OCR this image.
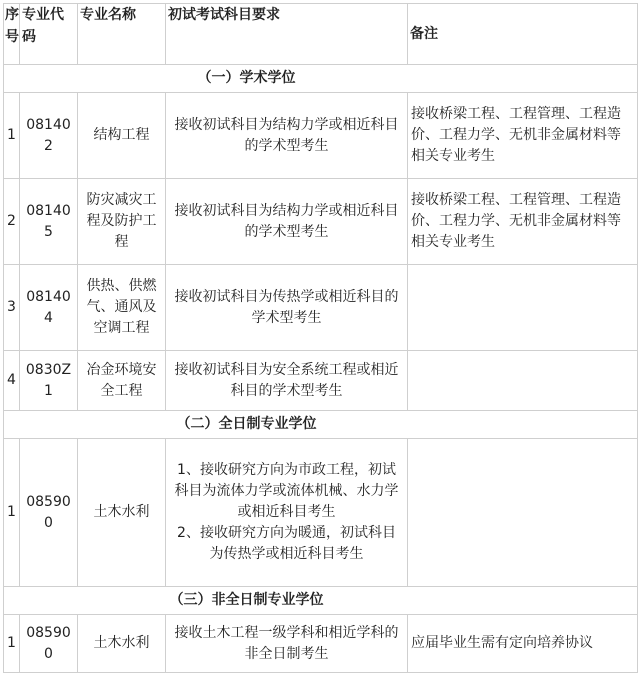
序号	专业代码	专业名称	初试考试科目要求	备注
（一）学术学位				
1	081402	结构工程	接收初试科目为结构力学或相近科目的学术型考生	接收桥梁工程、工程管理、工程造价、工程力学、无机非金属材料等相关专业考生
2	081405	防灾减灾工程及防护工程	接收初试科目为结构力学或相近科目的学术型考生	接收桥梁工程、工程管理、工程造价、工程力学、无机非金属材料等相关专业考生
3	081404	供热、供燃气、通风及空调工程	接收初试科目为传热学或相近科目的学术型考生	
4	0830Z1	冶金环境安全工程	接收初试科目为安全系统工程或相近科目的学术型考生	
（二）全日制专业学位				
1	085900	土木水利	1、接收研究方向为市政工程，初试科目为流体力学或流体机械、水力学或相近科目考生
2、接收研究方向为暖通，初试科目为传热学或相近科目考生	
（三）非全日制专业学位				
1	085900	土木水利	接收土木工程一级学科和相近学科的非全日制考生	应届毕业生需有定向培养协议
